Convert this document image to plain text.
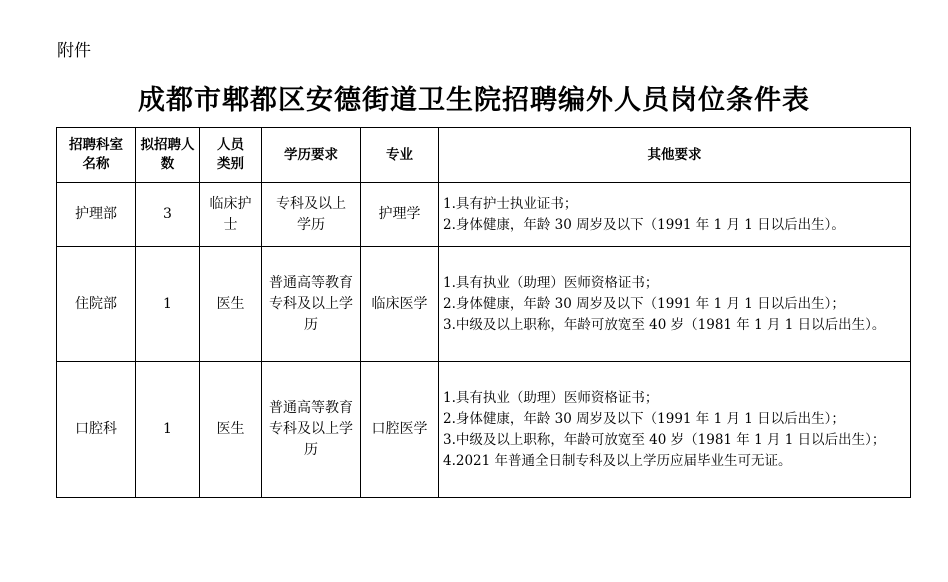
附件
成都市郫都区安德街道卫生院招聘编外人员岗位条件表
招聘科室名称	拟招聘人 数	人员类别	学历要求	专业	其他要求
护理部	3	临床护士	专科及以上学历	护理学	1.具有护士执业证书；
2.身体健康，年龄 30 周岁及以下（1991 年 1 月 1 日以后出生）。

住院部	1	医生	普通高等教育专科及以上学历	临床医学	1.具有执业（助理）医师资格证书；
2.身体健康，年龄 30 周岁及以下（1991 年 1 月 1 日以后出生）；
3.中级及以上职称，年龄可放宽至 40 岁（1981 年 1 月 1 日以后出生）。

口腔科	1	医生	普通高等教育专科及以上学历	口腔医学	1.具有执业（助理）医师资格证书；
2.身体健康，年龄 30 周岁及以下（1991 年 1 月 1 日以后出生）；
3.中级及以上职称，年龄可放宽至 40 岁（1981 年 1 月 1 日以后出生）；
4.2021 年普通全日制专科及以上学历应届毕业生可无证。
